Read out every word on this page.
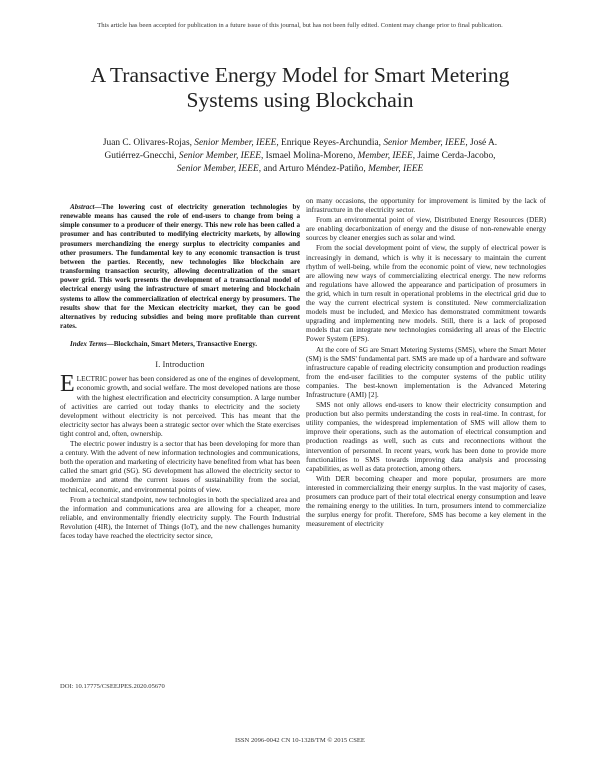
This article has been accepted for publication in a future issue of this journal, but has not been fully edited. Content may change prior to final publication.
A Transactive Energy Model for Smart Metering
Systems using Blockchain
Juan C. Olivares-Rojas, Senior Member, IEEE, Enrique Reyes-Archundia, Senior Member, IEEE, José A. Gutiérrez-Gnecchi, Senior Member, IEEE, Ismael Molina-Moreno, Member, IEEE, Jaime Cerda-Jacobo, Senior Member, IEEE, and Arturo Méndez-Patiño, Member, IEEE

Abstract—The lowering cost of electricity generation technologies by renewable means has caused the role of end-users to change from being a simple consumer to a producer of their energy. This new role has been called a prosumer and has contributed to modifying electricity markets, by allowing prosumers merchandizing the energy surplus to electricity companies and other prosumers. The fundamental key to any economic transaction is trust between the parties. Recently, new technologies like blockchain are transforming transaction security, allowing decentralization of the smart power grid. This work presents the development of a transactional model of electrical energy using the infrastructure of smart metering and blockchain systems to allow the commercialization of electrical energy by prosumers. The results show that for the Mexican electricity market, they can be good alternatives by reducing subsidies and being more profitable than current rates.

Index Terms—Blockchain, Smart Meters, Transactive Energy.

I. Introduction

ELECTRIC power has been considered as one of the engines of development, economic growth, and social welfare. The most developed nations are those with the highest electrification and electricity consumption. A large number of activities are carried out today thanks to electricity and the society development without electricity is not perceived. This has meant that the electricity sector has always been a strategic sector over which the State exercises tight control and, often, ownership.

The electric power industry is a sector that has been developing for more than a century. With the advent of new information technologies and communications, both the operation and marketing of electricity have benefited from what has been called the smart grid (SG). SG development has allowed the electricity sector to modernize and attend the current issues of sustainability from the social, technical, economic, and environmental points of view.

From a technical standpoint, new technologies in both the specialized area and the information and communications area are allowing for a cheaper, more reliable, and environmentally friendly electricity supply. The Fourth Industrial Revolution (4IR), the Internet of Things (IoT), and the new challenges humanity faces today have reached the electricity sector since,

on many occasions, the opportunity for improvement is limited by the lack of infrastructure in the electricity sector.

From an environmental point of view, Distributed Energy Resources (DER) are enabling decarbonization of energy and the disuse of non-renewable energy sources by cleaner energies such as solar and wind.

From the social development point of view, the supply of electrical power is increasingly in demand, which is why it is necessary to maintain the current rhythm of well-being, while from the economic point of view, new technologies are allowing new ways of commercializing electrical energy. The new reforms and regulations have allowed the appearance and participation of prosumers in the grid, which in turn result in operational problems in the electrical grid due to the way the current electrical system is constituted. New commercialization models must be included, and Mexico has demonstrated commitment towards upgrading and implementing new models. Still, there is a lack of proposed models that can integrate new technologies considering all areas of the Electric Power System (EPS).

At the core of SG are Smart Metering Systems (SMS), where the Smart Meter (SM) is the SMS' fundamental part. SMS are made up of a hardware and software infrastructure capable of reading electricity consumption and production readings from the end-user facilities to the computer systems of the public utility companies. The best-known implementation is the Advanced Metering Infrastructure (AMI) [2].

SMS not only allows end-users to know their electricity consumption and production but also permits understanding the costs in real-time. In contrast, for utility companies, the widespread implementation of SMS will allow them to improve their operations, such as the automation of electrical consumption and production readings as well, such as cuts and reconnections without the intervention of personnel. In recent years, work has been done to provide more functionalities to SMS towards improving data analysis and processing capabilities, as well as data protection, among others.

With DER becoming cheaper and more popular, prosumers are more interested in commercializing their energy surplus. In the vast majority of cases, prosumers can produce part of their total electrical energy consumption and leave the remaining energy to the utilities. In turn, prosumers intend to commercialize the surplus energy for profit. Therefore, SMS has become a key element in the measurement of electricity

DOI: 10.17775/CSEEJPES.2020.05670
ISSN 2096-0042 CN 10-1328/TM © 2015 CSEE
